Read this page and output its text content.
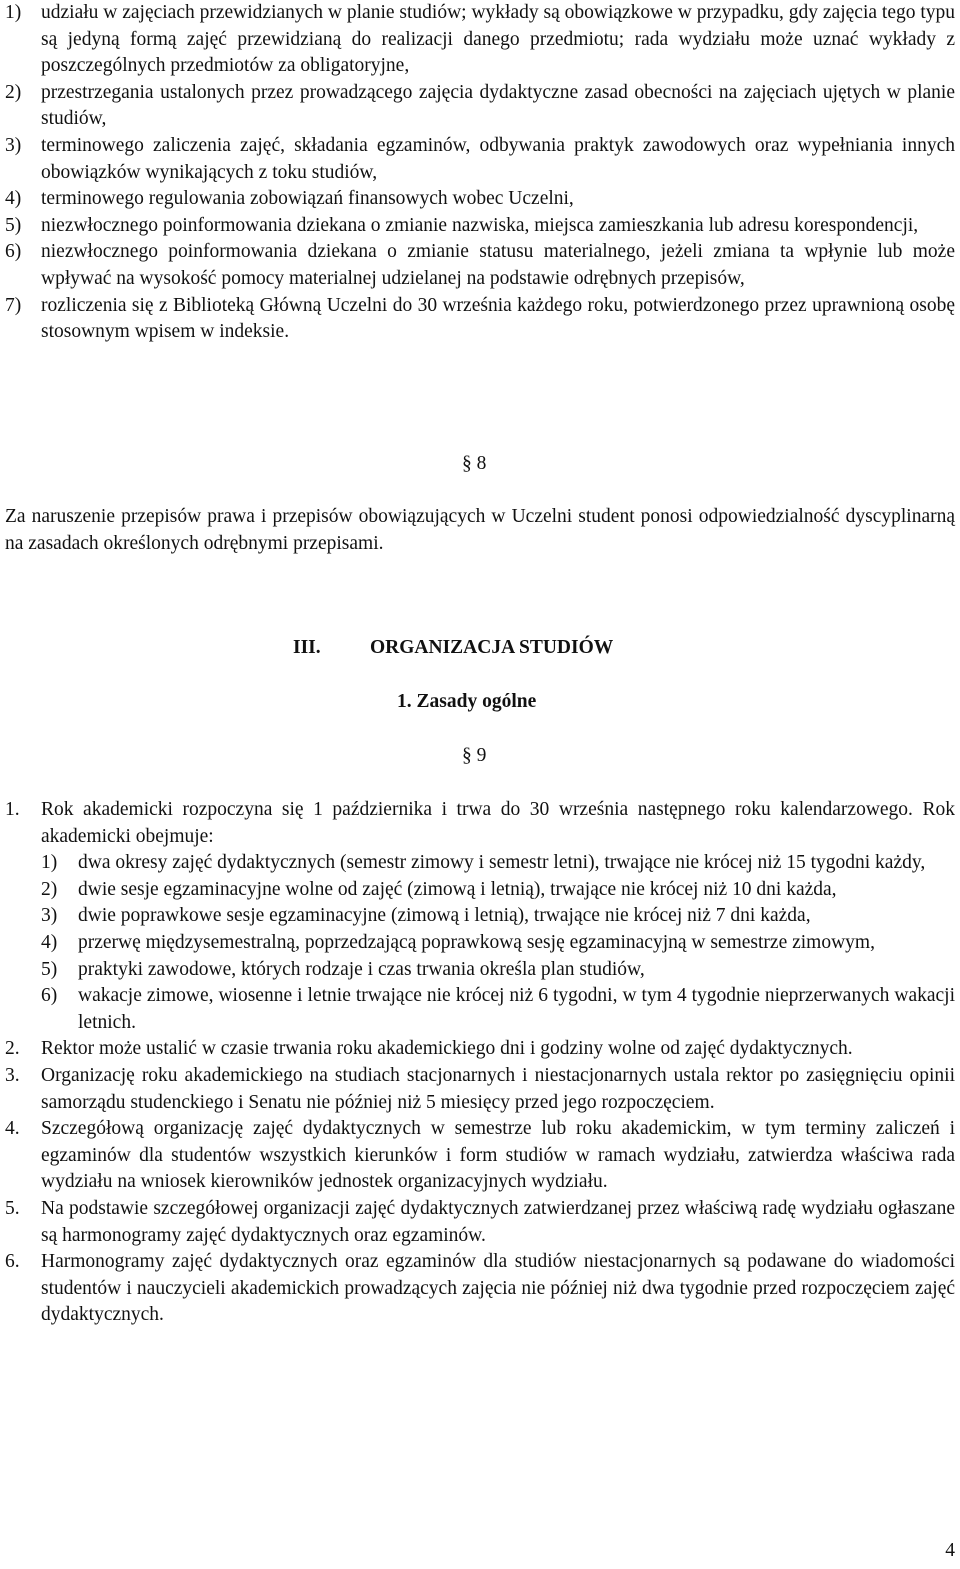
1)	udziału w zajęciach przewidzianych w planie studiów; wykłady są obowiązkowe w przypadku, gdy zajęcia tego typu są jedyną formą zajęć przewidzianą do realizacji danego przedmiotu; rada wydziału może uznać wykłady z poszczególnych przedmiotów za obligatoryjne,
2)	przestrzegania ustalonych przez prowadzącego zajęcia dydaktyczne zasad obecności na zajęciach ujętych w planie studiów,
3)	terminowego zaliczenia zajęć, składania egzaminów, odbywania praktyk zawodowych oraz wypełniania innych obowiązków wynikających z toku studiów,
4)	terminowego regulowania zobowiązań finansowych wobec Uczelni,
5)	niezwłocznego poinformowania dziekana o zmianie nazwiska, miejsca zamieszkania lub adresu korespondencji,
6)	niezwłocznego poinformowania dziekana o zmianie statusu materialnego, jeżeli zmiana ta wpłynie lub może wpływać na wysokość pomocy materialnej udzielanej na podstawie odrębnych przepisów,
7)	rozliczenia się z Biblioteką Główną Uczelni do 30 września każdego roku, potwierdzonego przez uprawnioną osobę stosownym wpisem w indeksie.
§ 8

Za naruszenie przepisów prawa i przepisów obowiązujących w Uczelni student ponosi odpowiedzialność dyscyplinarną na zasadach określonych odrębnymi przepisami.

III.	ORGANIZACJA STUDIÓW
1. Zasady ogólne
§ 9
1.	Rok akademicki rozpoczyna się 1 października i trwa do 30 września następnego roku kalendarzowego. Rok akademicki obejmuje:
1)	dwa okresy zajęć dydaktycznych (semestr zimowy i semestr letni), trwające nie krócej niż 15 tygodni każdy,
2)	dwie sesje egzaminacyjne wolne od zajęć (zimową i letnią), trwające nie krócej niż 10 dni każda,
3)	dwie poprawkowe sesje egzaminacyjne (zimową i letnią), trwające nie krócej niż 7 dni każda,
4)	przerwę międzysemestralną, poprzedzającą poprawkową sesję egzaminacyjną w semestrze zimowym,
5)	praktyki zawodowe, których rodzaje i czas trwania określa plan studiów,
6)	wakacje zimowe, wiosenne i letnie trwające nie krócej niż 6 tygodni, w tym 4 tygodnie nieprzerwanych wakacji letnich.
2.	Rektor może ustalić w czasie trwania roku akademickiego dni i godziny wolne od zajęć dydaktycznych.
3.	Organizację roku akademickiego na studiach stacjonarnych i niestacjonarnych ustala rektor po zasięgnięciu opinii samorządu studenckiego i Senatu nie później niż 5 miesięcy przed jego rozpoczęciem.
4.	Szczegółową organizację zajęć dydaktycznych w semestrze lub roku akademickim, w tym terminy zaliczeń i egzaminów dla studentów wszystkich kierunków i form studiów w ramach wydziału, zatwierdza właściwa rada wydziału na wniosek kierowników jednostek organizacyjnych wydziału.
5.	Na podstawie szczegółowej organizacji zajęć dydaktycznych zatwierdzanej przez właściwą radę wydziału ogłaszane są harmonogramy zajęć dydaktycznych oraz egzaminów.
6.	Harmonogramy zajęć dydaktycznych oraz egzaminów dla studiów niestacjonarnych są podawane do wiadomości studentów i nauczycieli akademickich prowadzących zajęcia nie później niż dwa tygodnie przed rozpoczęciem zajęć dydaktycznych.

4
